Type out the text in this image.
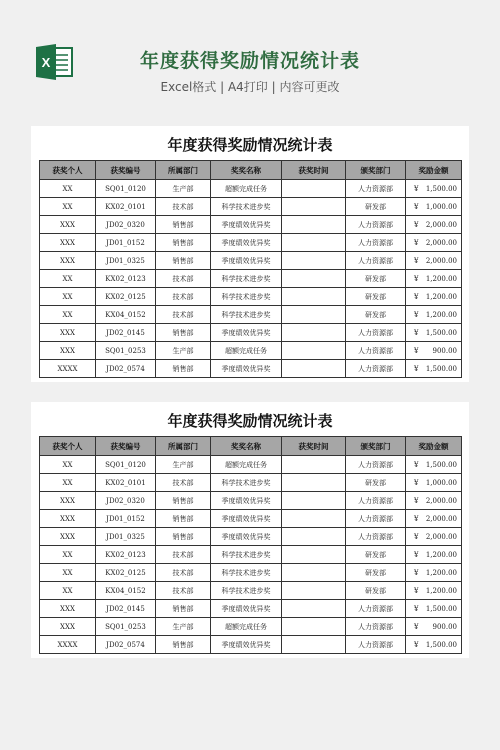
X	年度获得奖励情况统计表
Excel格式 | A4打印 | 内容可更改
年度获得奖励情况统计表
获奖个人	获奖编号	所属部门	奖奖名称	获奖时间	颁奖部门	奖励金额
XX	SQ01_0120	生产部	超额完成任务		人力资源部	¥ 1,500.00
XX	KX02_0101	技术部	科学技术进步奖		研发部	¥ 1,000.00
XXX	JD02_0320	销售部	季度绩效优异奖		人力资源部	¥ 2,000.00
XXX	JD01_0152	销售部	季度绩效优异奖		人力资源部	¥ 2,000.00
XXX	JD01_0325	销售部	季度绩效优异奖		人力资源部	¥ 2,000.00
XX	KX02_0123	技术部	科学技术进步奖		研发部	¥ 1,200.00
XX	KX02_0125	技术部	科学技术进步奖		研发部	¥ 1,200.00
XX	KX04_0152	技术部	科学技术进步奖		研发部	¥ 1,200.00
XXX	JD02_0145	销售部	季度绩效优异奖		人力资源部	¥ 1,500.00
XXX	SQ01_0253	生产部	超额完成任务		人力资源部	¥ 900.00
XXXX	JD02_0574	销售部	季度绩效优异奖		人力资源部	¥ 1,500.00
年度获得奖励情况统计表
获奖个人	获奖编号	所属部门	奖奖名称	获奖时间	颁奖部门	奖励金额
XX	SQ01_0120	生产部	超额完成任务		人力资源部	¥ 1,500.00
XX	KX02_0101	技术部	科学技术进步奖		研发部	¥ 1,000.00
XXX	JD02_0320	销售部	季度绩效优异奖		人力资源部	¥ 2,000.00
XXX	JD01_0152	销售部	季度绩效优异奖		人力资源部	¥ 2,000.00
XXX	JD01_0325	销售部	季度绩效优异奖		人力资源部	¥ 2,000.00
XX	KX02_0123	技术部	科学技术进步奖		研发部	¥ 1,200.00
XX	KX02_0125	技术部	科学技术进步奖		研发部	¥ 1,200.00
XX	KX04_0152	技术部	科学技术进步奖		研发部	¥ 1,200.00
XXX	JD02_0145	销售部	季度绩效优异奖		人力资源部	¥ 1,500.00
XXX	SQ01_0253	生产部	超额完成任务		人力资源部	¥ 900.00
XXXX	JD02_0574	销售部	季度绩效优异奖		人力资源部	¥ 1,500.00
